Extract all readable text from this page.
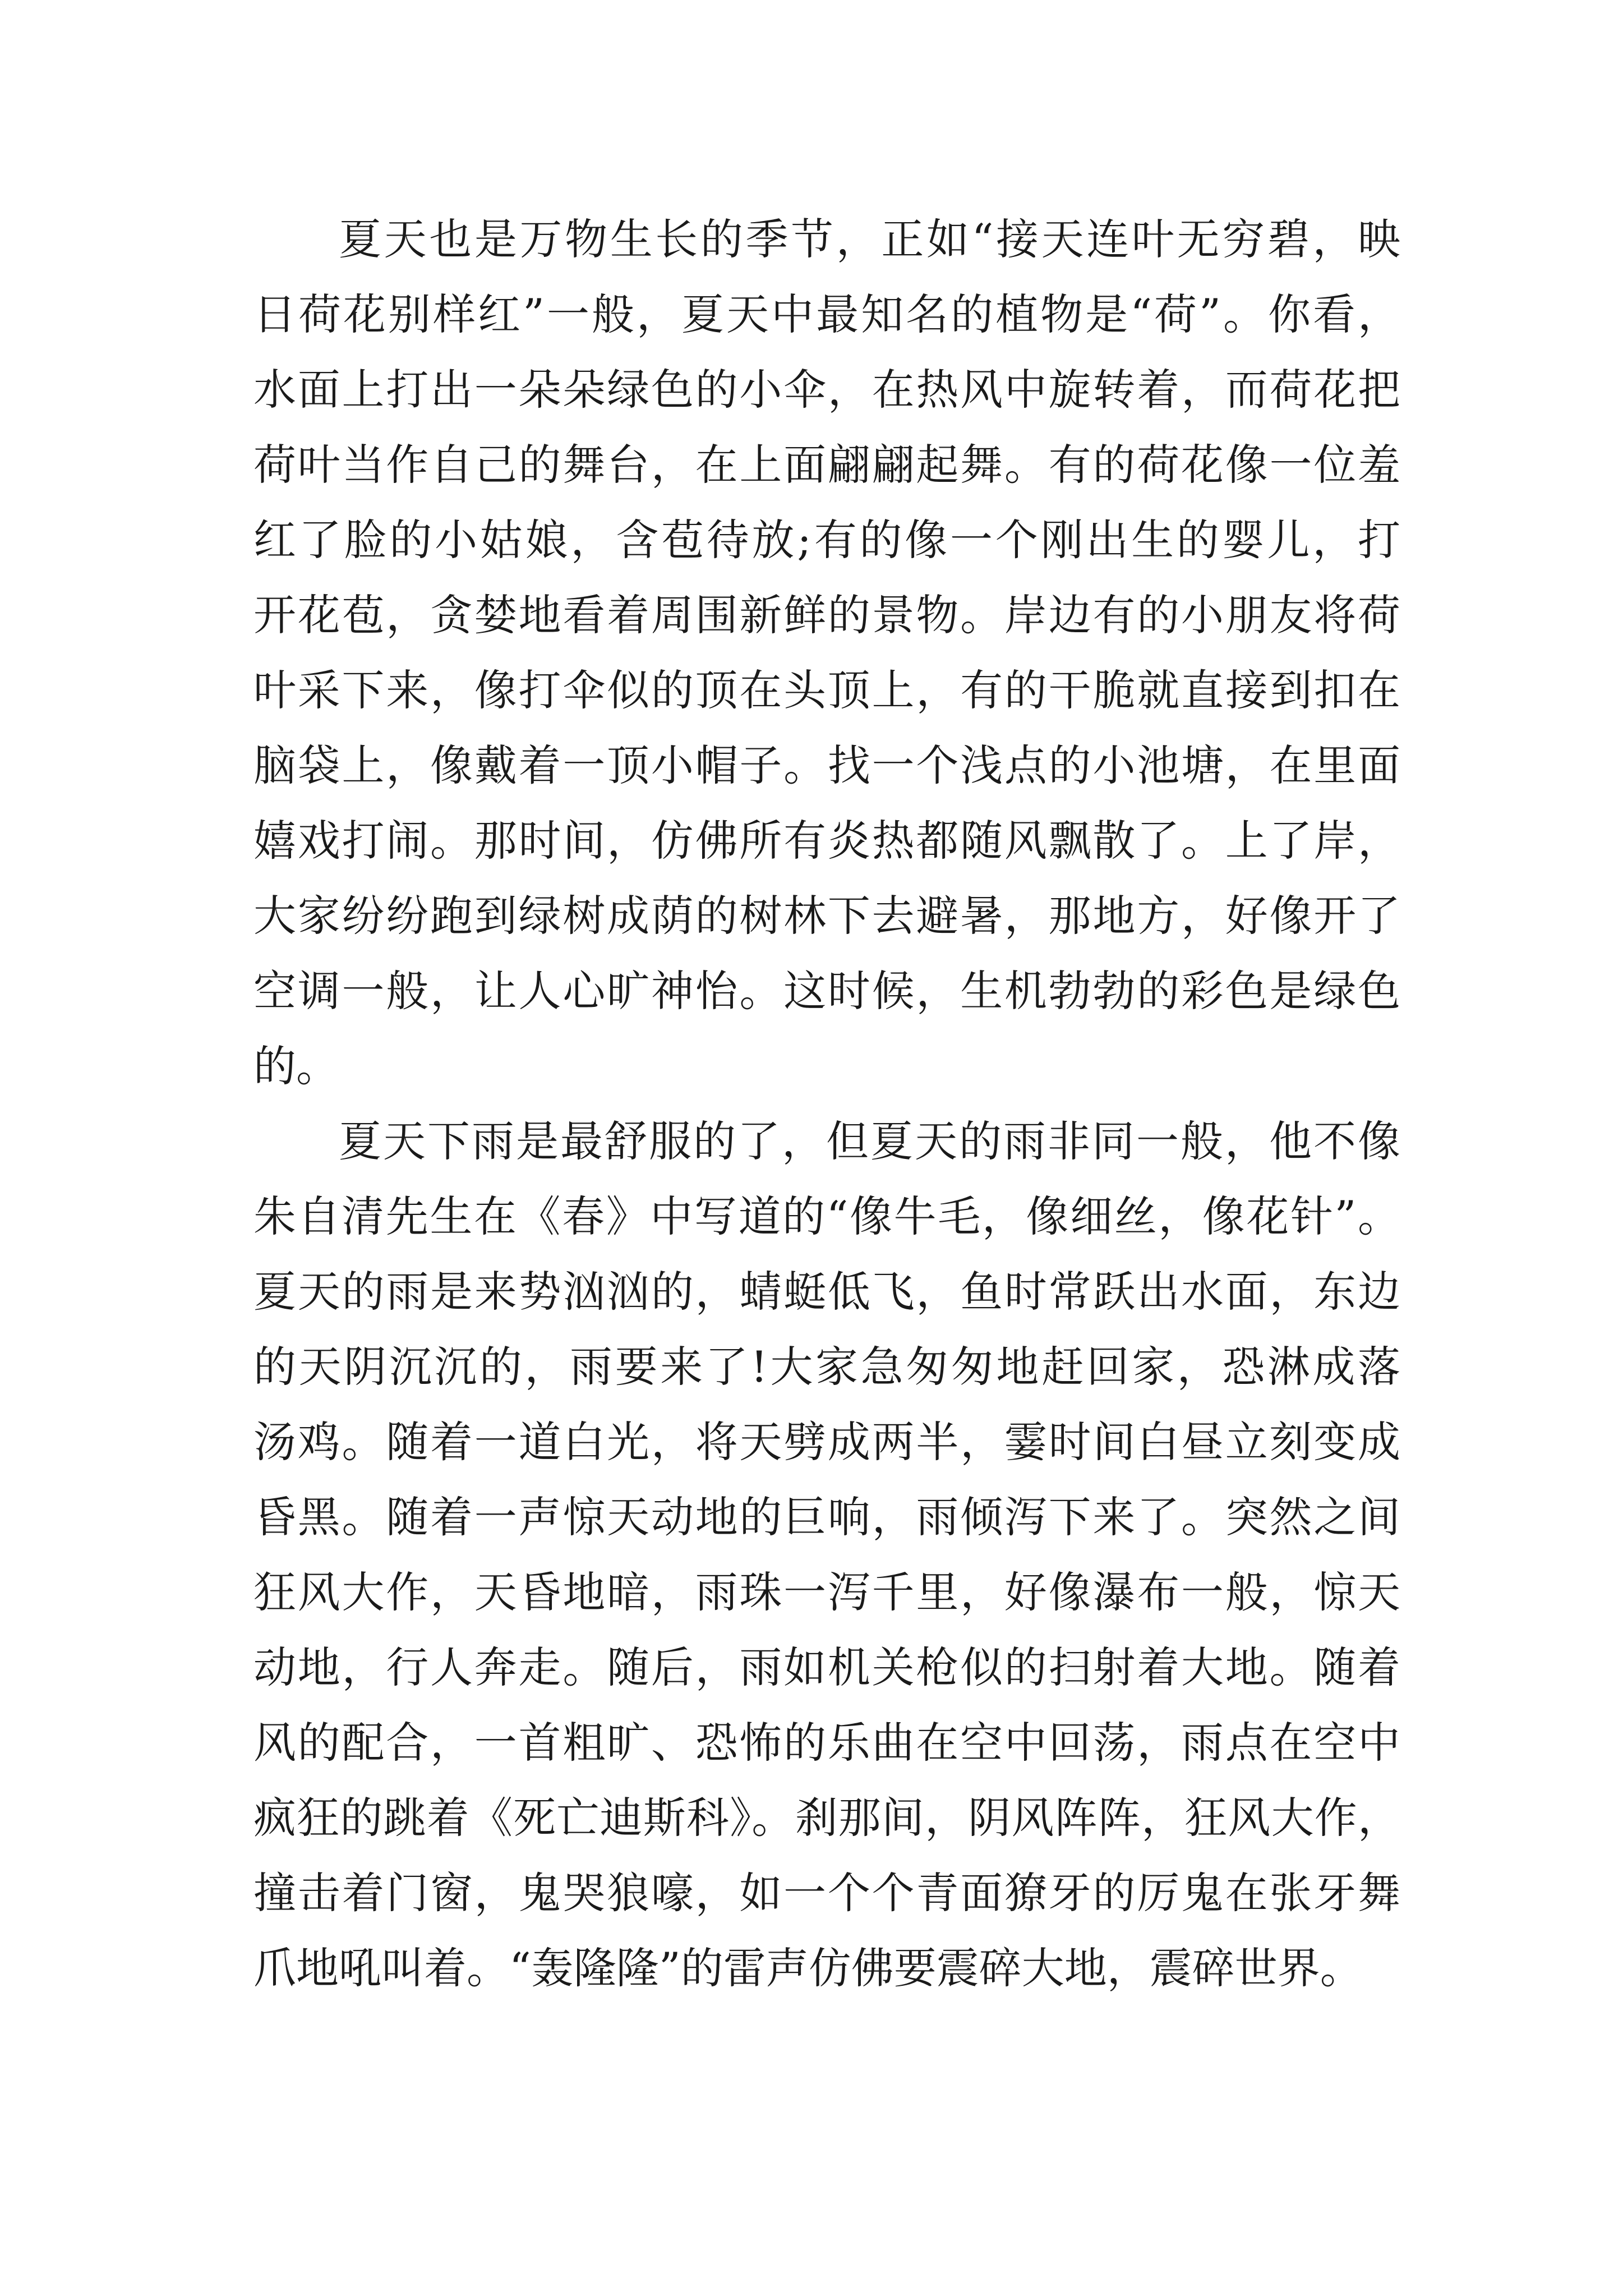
夏天也是万物生长的季节，正如“接天连叶无穷碧，映
日荷花别样红”一般，夏天中最知名的植物是“荷”。你看，
水面上打出一朵朵绿色的小伞，在热风中旋转着，而荷花把
荷叶当作自己的舞台，在上面翩翩起舞。有的荷花像一位羞
红了脸的小姑娘，含苞待放;有的像一个刚出生的婴儿，打
开花苞，贪婪地看着周围新鲜的景物。岸边有的小朋友将荷
叶采下来，像打伞似的顶在头顶上，有的干脆就直接到扣在
脑袋上，像戴着一顶小帽子。找一个浅点的小池塘，在里面
嬉戏打闹。那时间，仿佛所有炎热都随风飘散了。上了岸，
大家纷纷跑到绿树成荫的树林下去避暑，那地方，好像开了
空调一般，让人心旷神怡。这时候，生机勃勃的彩色是绿色
的。
夏天下雨是最舒服的了，但夏天的雨非同一般，他不像
朱自清先生在《春》中写道的“像牛毛，像细丝，像花针”。
夏天的雨是来势汹汹的，蜻蜓低飞，鱼时常跃出水面，东边
的天阴沉沉的，雨要来了!大家急匆匆地赶回家，恐淋成落
汤鸡。随着一道白光，将天劈成两半，霎时间白昼立刻变成
昏黑。随着一声惊天动地的巨响，雨倾泻下来了。突然之间
狂风大作，天昏地暗，雨珠一泻千里，好像瀑布一般，惊天
动地，行人奔走。随后，雨如机关枪似的扫射着大地。随着
风的配合，一首粗旷、恐怖的乐曲在空中回荡，雨点在空中
疯狂的跳着《死亡迪斯科》。刹那间，阴风阵阵，狂风大作，
撞击着门窗，鬼哭狼嚎，如一个个青面獠牙的厉鬼在张牙舞
爪地吼叫着。“轰隆隆”的雷声仿佛要震碎大地，震碎世界。
